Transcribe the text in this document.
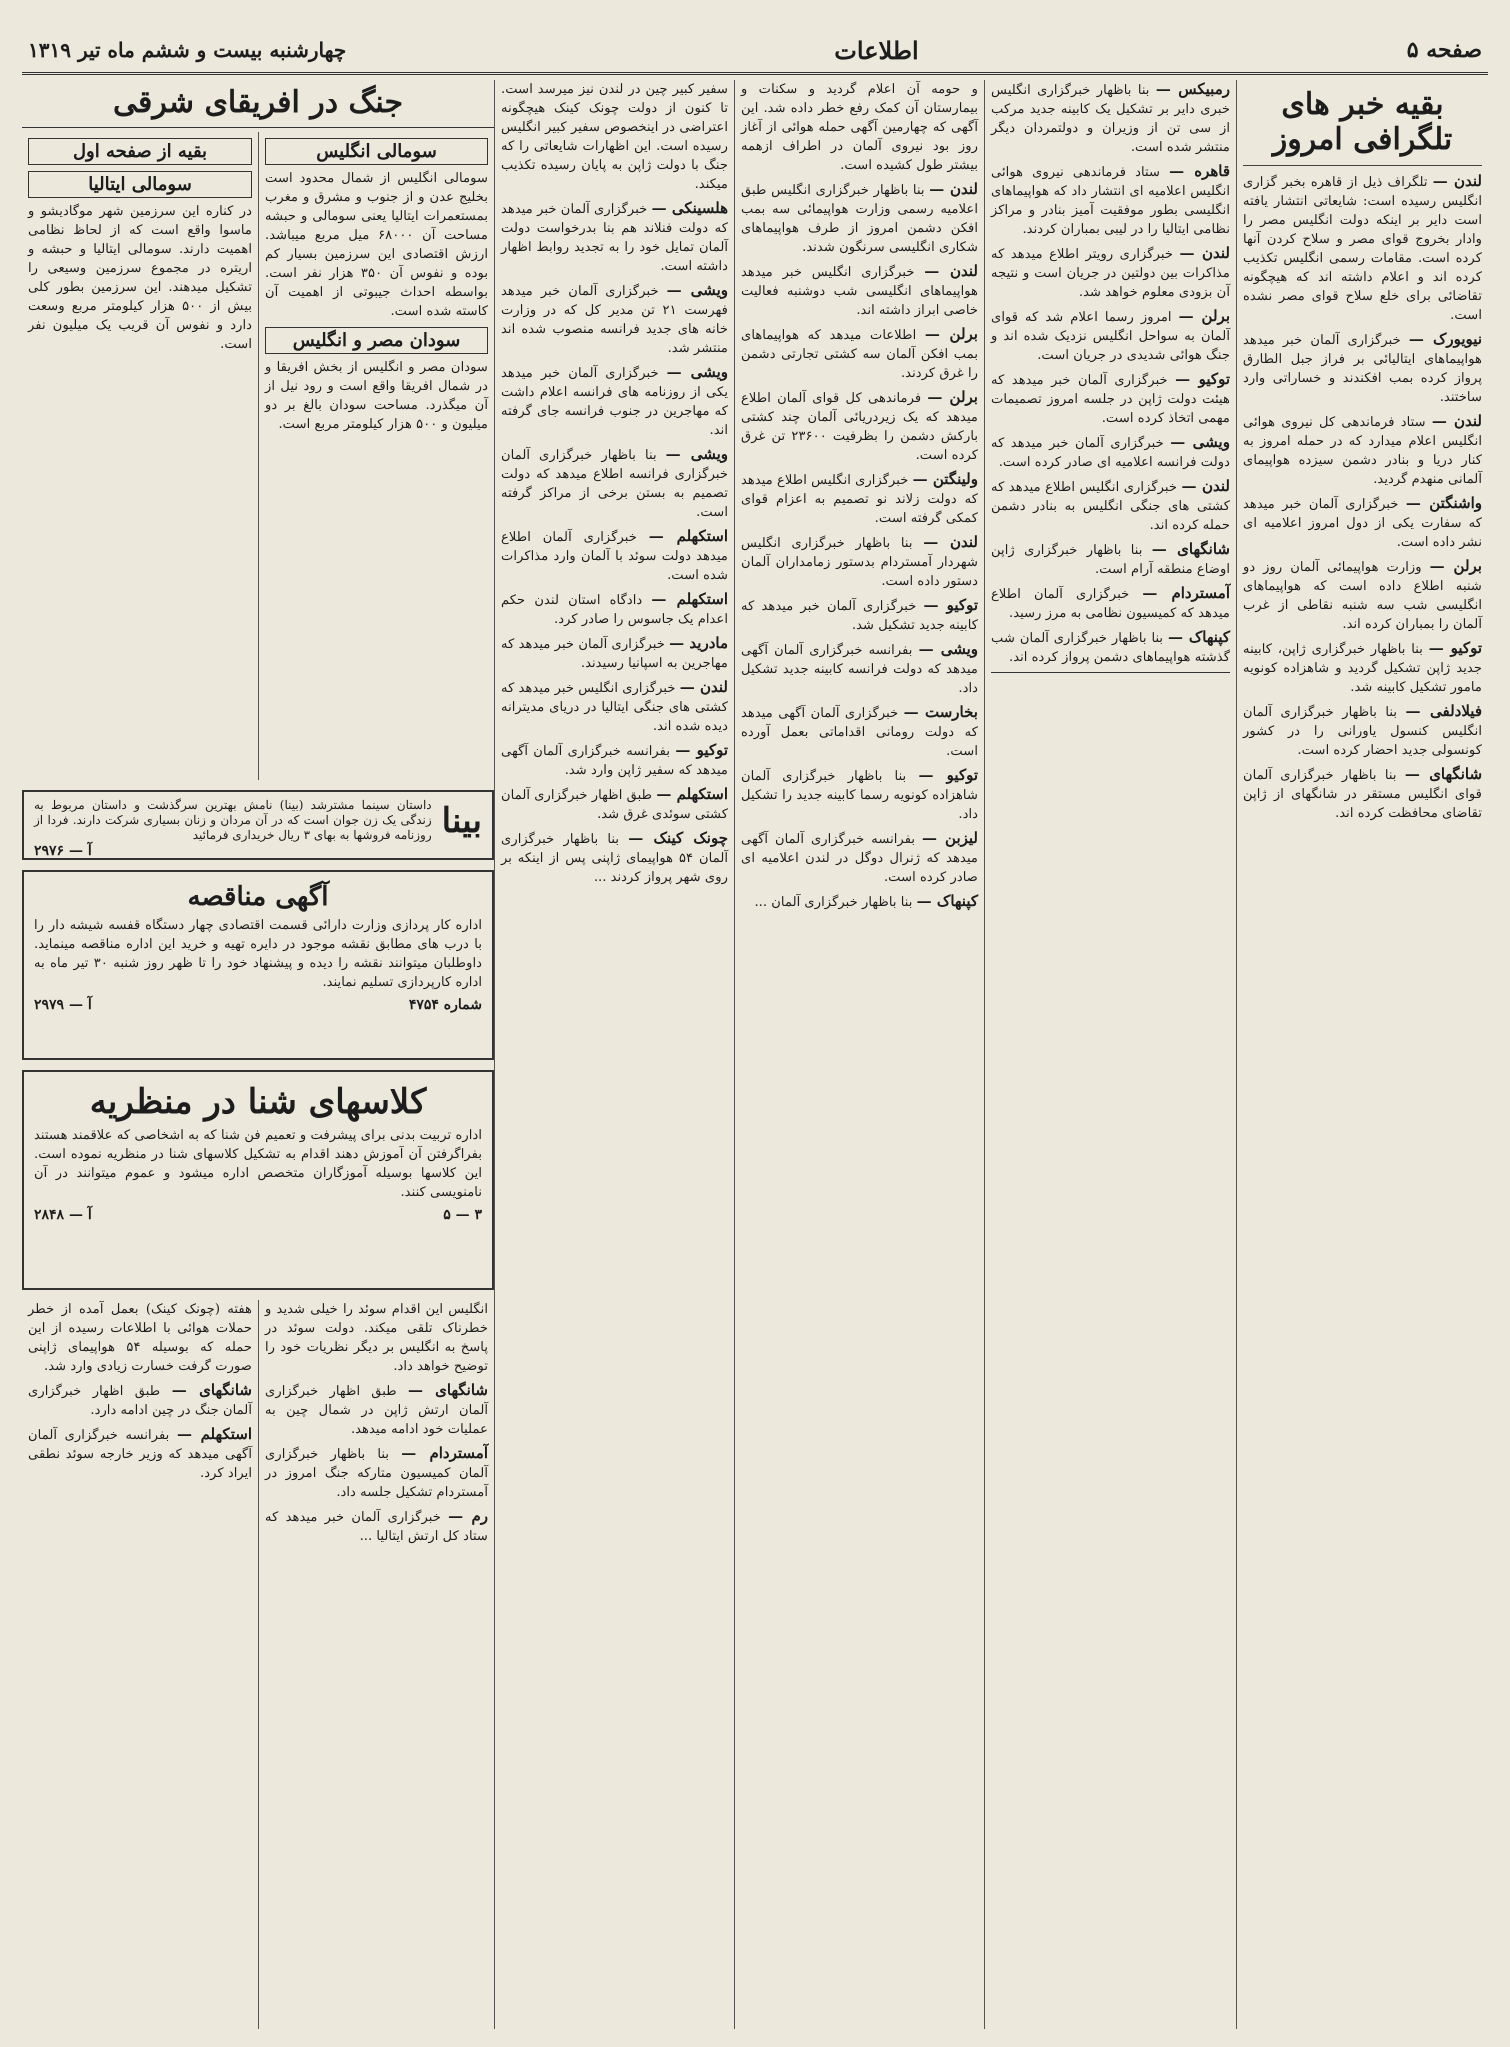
صفحه ۵
اطلاعات
چهارشنبه بیست و ششم ماه تیر ۱۳۱۹
بقیه خبر های تلگرافی امروز

لندن — تلگراف ذیل از قاهره بخبر گزاری انگلیس رسیده است: شایعاتی انتشار یافته است دایر بر اینکه دولت انگلیس مصر را وادار بخروج قوای مصر و سلاح کردن آنها کرده است. مقامات رسمی انگلیس تکذیب کرده اند و اعلام داشته اند که هیچگونه تقاضائی برای خلع سلاح قوای مصر نشده است.

نیویورک — خبرگزاری آلمان خبر میدهد هواپیماهای ایتالیائی بر فراز جبل الطارق پرواز کرده بمب افکندند و خساراتی وارد ساختند.

لندن — ستاد فرماندهی کل نیروی هوائی انگلیس اعلام میدارد که در حمله امروز به کنار دریا و بنادر دشمن سیزده هواپیمای آلمانی منهدم گردید.

واشنگتن — خبرگزاری آلمان خبر میدهد که سفارت یکی از دول امروز اعلامیه ای نشر داده است.

برلن — وزارت هواپیمائی آلمان روز دو شنبه اطلاع داده است که هواپیماهای انگلیسی شب سه شنبه نقاطی از غرب آلمان را بمباران کرده اند.

توکیو — بنا باظهار خبرگزاری ژاپن، کابینه جدید ژاپن تشکیل گردید و شاهزاده کونویه مامور تشکیل کابینه شد.

فیلادلفی — بنا باظهار خبرگزاری آلمان انگلیس کنسول یاورانی را در کشور کونسولی جدید احضار کرده است.

شانگهای — بنا باظهار خبرگزاری آلمان قوای انگلیس مستقر در شانگهای از ژاپن تقاضای محافظت کرده اند.

رمبیکس — بنا باظهار خبرگزاری انگلیس خبری دایر بر تشکیل یک کابینه جدید مرکب از سی تن از وزیران و دولتمردان دیگر منتشر شده است.

قاهره — ستاد فرماندهی نیروی هوائی انگلیس اعلامیه ای انتشار داد که هواپیماهای انگلیسی بطور موفقیت آمیز بنادر و مراکز نظامی ایتالیا را در لیبی بمباران کردند.

لندن — خبرگزاری رویتر اطلاع میدهد که مذاکرات بین دولتین در جریان است و نتیجه آن بزودی معلوم خواهد شد.

برلن — امروز رسما اعلام شد که قوای آلمان به سواحل انگلیس نزدیک شده اند و جنگ هوائی شدیدی در جریان است.

توکیو — خبرگزاری آلمان خبر میدهد که هیئت دولت ژاپن در جلسه امروز تصمیمات مهمی اتخاذ کرده است.

ویشی — خبرگزاری آلمان خبر میدهد که دولت فرانسه اعلامیه ای صادر کرده است.

لندن — خبرگزاری انگلیس اطلاع میدهد که کشتی های جنگی انگلیس به بنادر دشمن حمله کرده اند.

شانگهای — بنا باظهار خبرگزاری ژاپن اوضاع منطقه آرام است.

آمستردام — خبرگزاری آلمان اطلاع میدهد که کمیسیون نظامی به مرز رسید.

کپنهاک — بنا باظهار خبرگزاری آلمان شب گذشته هواپیماهای دشمن پرواز کرده اند.

و حومه آن اعلام گردید و سکنات و بیمارستان آن کمک رفع خطر داده شد. این آگهی که چهارمین آگهی حمله هوائی از آغاز روز بود نیروی آلمان در اطراف ازهمه بیشتر طول کشیده است.

لندن — بنا باظهار خبرگزاری انگلیس طبق اعلامیه رسمی وزارت هواپیمائی سه بمب افکن دشمن امروز از طرف هواپیماهای شکاری انگلیسی سرنگون شدند.

لندن — خبرگزاری انگلیس خبر میدهد هواپیماهای انگلیسی شب دوشنبه فعالیت خاصی ابراز داشته اند.

برلن — اطلاعات میدهد که هواپیماهای بمب افکن آلمان سه کشتی تجارتی دشمن را غرق کردند.

برلن — فرماندهی کل قوای آلمان اطلاع میدهد که یک زیردریائی آلمان چند کشتی بارکش دشمن را بظرفیت ۲۳۶۰۰ تن غرق کرده است.

ولینگتن — خبرگزاری انگلیس اطلاع میدهد که دولت زلاند نو تصمیم به اعزام قوای کمکی گرفته است.

لندن — بنا باظهار خبرگزاری انگلیس شهردار آمستردام بدستور زمامداران آلمان دستور داده است.

توکیو — خبرگزاری آلمان خبر میدهد که کابینه جدید تشکیل شد.

ویشی — بفرانسه خبرگزاری آلمان آگهی میدهد که دولت فرانسه کابینه جدید تشکیل داد.

بخارست — خبرگزاری آلمان آگهی میدهد که دولت رومانی اقداماتی بعمل آورده است.

توکیو — بنا باظهار خبرگزاری آلمان شاهزاده کونویه رسما کابینه جدید را تشکیل داد.

لیزبن — بفرانسه خبرگزاری آلمان آگهی میدهد که ژنرال دوگل در لندن اعلامیه ای صادر کرده است.

کپنهاک — بنا باظهار خبرگزاری آلمان ...

سفیر کبیر چین در لندن نیز میرسد است. تا کنون از دولت چونک کینک هیچگونه اعتراضی در اینخصوص سفیر کبیر انگلیس رسیده است. این اظهارات شایعاتی را که جنگ با دولت ژاپن به پایان رسیده تکذیب میکند.

هلسینکی — خبرگزاری آلمان خبر میدهد که دولت فنلاند هم بنا بدرخواست دولت آلمان تمایل خود را به تجدید روابط اظهار داشته است.

ویشی — خبرگزاری آلمان خبر میدهد فهرست ۲۱ تن مدیر کل که در وزارت خانه های جدید فرانسه منصوب شده اند منتشر شد.

ویشی — خبرگزاری آلمان خبر میدهد یکی از روزنامه های فرانسه اعلام داشت که مهاجرین در جنوب فرانسه جای گرفته اند.

ویشی — بنا باظهار خبرگزاری آلمان خبرگزاری فرانسه اطلاع میدهد که دولت تصمیم به بستن برخی از مراکز گرفته است.

استکهلم — خبرگزاری آلمان اطلاع میدهد دولت سوئد با آلمان وارد مذاکرات شده است.

استکهلم — دادگاه استان لندن حکم اعدام یک جاسوس را صادر کرد.

مادرید — خبرگزاری آلمان خبر میدهد که مهاجرین به اسپانیا رسیدند.

لندن — خبرگزاری انگلیس خبر میدهد که کشتی های جنگی ایتالیا در دریای مدیترانه دیده شده اند.

توکیو — بفرانسه خبرگزاری آلمان آگهی میدهد که سفیر ژاپن وارد شد.

استکهلم — طبق اظهار خبرگزاری آلمان کشتی سوئدی غرق شد.

چونک کینک — بنا باظهار خبرگزاری آلمان ۵۴ هواپیمای ژاپنی پس از اینکه بر روی شهر پرواز کردند ...

جنگ در افریقای شرقی
سومالی انگلیس

سومالی انگلیس از شمال محدود است بخلیج عدن و از جنوب و مشرق و مغرب بمستعمرات ایتالیا یعنی سومالی و حبشه مساحت آن ۶۸۰۰۰ میل مربع میباشد. ارزش اقتصادی این سرزمین بسیار کم بوده و نفوس آن ۳۵۰ هزار نفر است. بواسطه احداث جیبوتی از اهمیت آن کاسته شده است.

سودان مصر و انگلیس

سودان مصر و انگلیس از بخش افریقا و در شمال افریقا واقع است و رود نیل از آن میگذرد. مساحت سودان بالغ بر دو میلیون و ۵۰۰ هزار کیلومتر مربع است.

بقیه از صفحه اول
سومالی ایتالیا

در کناره این سرزمین شهر موگادیشو و ماسوا واقع است که از لحاظ نظامی اهمیت دارند. سومالی ایتالیا و حبشه و اریتره در مجموع سرزمین وسیعی را تشکیل میدهند. این سرزمین بطور کلی بیش از ۵۰۰ هزار کیلومتر مربع وسعت دارد و نفوس آن قریب یک میلیون نفر است.

بینا

داستان سینما مشترشد (بینا) نامش بهترین سرگذشت و داستان مربوط به زندگی یک زن جوان است که در آن مردان و زنان بسیاری شرکت دارند. فردا از روزنامه فروشها به بهای ۳ ریال خریداری فرمائید

آ — ۲۹۷۶
آگهی مناقصه

اداره کار پردازی وزارت دارائی قسمت اقتصادی چهار دستگاه قفسه شیشه دار را با درب های مطابق نقشه موجود در دایره تهیه و خرید این اداره مناقصه مینماید. داوطلبان میتوانند نقشه را دیده و پیشنهاد خود را تا ظهر روز شنبه ۳۰ تیر ماه به اداره کارپردازی تسلیم نمایند.

شماره ۴۷۵۴
آ — ۲۹۷۹
کلاسهای شنا در منظریه

اداره تربیت بدنی برای پیشرفت و تعمیم فن شنا که به اشخاصی که علاقمند هستند بفراگرفتن آن آموزش دهند اقدام به تشکیل کلاسهای شنا در منظریه نموده است. این کلاسها بوسیله آموزگاران متخصص اداره میشود و عموم میتوانند در آن نامنویسی کنند.

۳ — ۵
آ — ۲۸۴۸

انگلیس این اقدام سوئد را خیلی شدید و خطرناک تلقی میکند. دولت سوئد در پاسخ به انگلیس بر دیگر نظریات خود را توضیح خواهد داد.

شانگهای — طبق اظهار خبرگزاری آلمان ارتش ژاپن در شمال چین به عملیات خود ادامه میدهد.

آمستردام — بنا باظهار خبرگزاری آلمان کمیسیون متارکه جنگ امروز در آمستردام تشکیل جلسه داد.

رم — خبرگزاری آلمان خبر میدهد که ستاد کل ارتش ایتالیا ...

هفته (چونک کینک) بعمل آمده از خطر حملات هوائی با اطلاعات رسیده از این حمله که بوسیله ۵۴ هواپیمای ژاپنی صورت گرفت خسارت زیادی وارد شد.

شانگهای — طبق اظهار خبرگزاری آلمان جنگ در چین ادامه دارد.

استکهلم — بفرانسه خبرگزاری آلمان آگهی میدهد که وزیر خارجه سوئد نطقی ایراد کرد.
